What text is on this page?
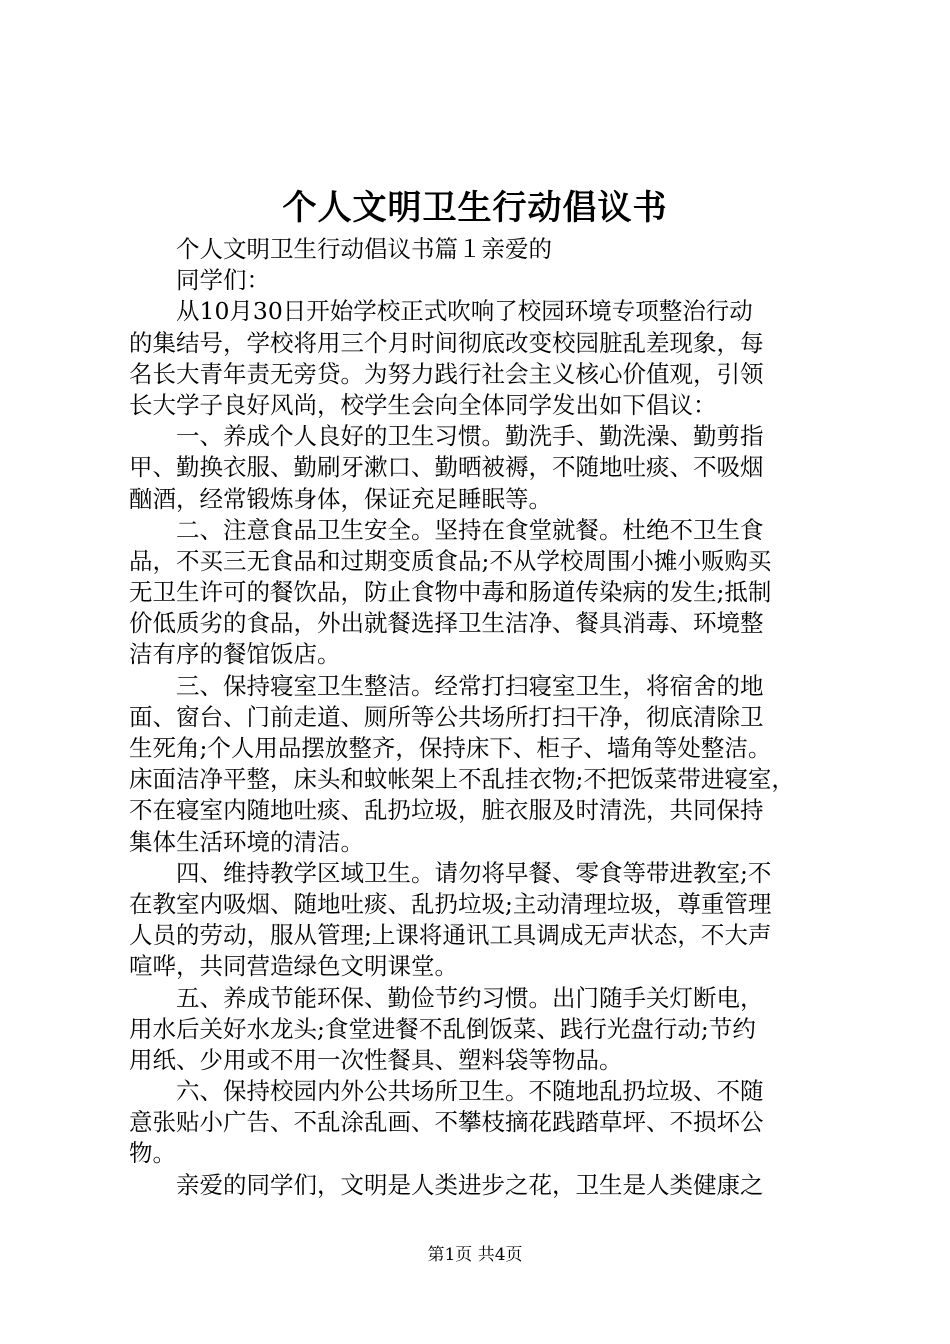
个人文明卫生行动倡议书
个人文明卫生行动倡议书篇１亲爱的
同学们：
从10月30日开始学校正式吹响了校园环境专项整治行动
的集结号，学校将用三个月时间彻底改变校园脏乱差现象，每
名长大青年责无旁贷。为努力践行社会主义核心价值观，引领
长大学子良好风尚，校学生会向全体同学发出如下倡议：
一、养成个人良好的卫生习惯。勤洗手、勤洗澡、勤剪指
甲、勤换衣服、勤刷牙漱口、勤晒被褥，不随地吐痰、不吸烟
酗酒，经常锻炼身体，保证充足睡眠等。
二、注意食品卫生安全。坚持在食堂就餐。杜绝不卫生食
品，不买三无食品和过期变质食品;不从学校周围小摊小贩购买
无卫生许可的餐饮品，防止食物中毒和肠道传染病的发生;抵制
价低质劣的食品，外出就餐选择卫生洁净、餐具消毒、环境整
洁有序的餐馆饭店。
三、保持寝室卫生整洁。经常打扫寝室卫生，将宿舍的地
面、窗台、门前走道、厕所等公共场所打扫干净，彻底清除卫
生死角;个人用品摆放整齐，保持床下、柜子、墙角等处整洁。
床面洁净平整，床头和蚊帐架上不乱挂衣物;不把饭菜带进寝室，
不在寝室内随地吐痰、乱扔垃圾，脏衣服及时清洗，共同保持
集体生活环境的清洁。
四、维持教学区域卫生。请勿将早餐、零食等带进教室;不
在教室内吸烟、随地吐痰、乱扔垃圾;主动清理垃圾，尊重管理
人员的劳动，服从管理;上课将通讯工具调成无声状态，不大声
喧哗，共同营造绿色文明课堂。
五、养成节能环保、勤俭节约习惯。出门随手关灯断电，
用水后关好水龙头;食堂进餐不乱倒饭菜、践行光盘行动;节约
用纸、少用或不用一次性餐具、塑料袋等物品。
六、保持校园内外公共场所卫生。不随地乱扔垃圾、不随
意张贴小广告、不乱涂乱画、不攀枝摘花践踏草坪、不损坏公
物。
亲爱的同学们，文明是人类进步之花，卫生是人类健康之
第1页 共4页
